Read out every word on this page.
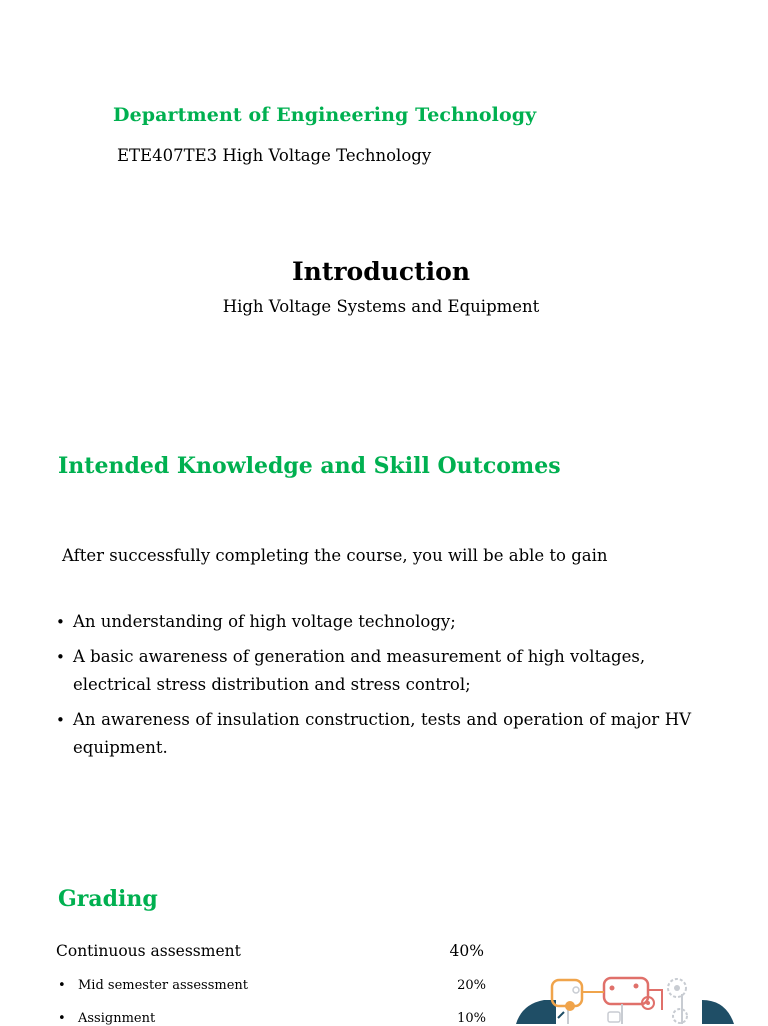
Department of Engineering Technology
ETE407TE3 High Voltage Technology
Introduction
High Voltage Systems and Equipment
Intended Knowledge and Skill Outcomes
After successfully completing the course, you will be able to gain
• An understanding of high voltage technology;
• A basic awareness of generation and measurement of high voltages, electrical stress distribution and stress control;
• An awareness of insulation construction, tests and operation of major HV equipment.
Grading
Continuous assessment	40%
• Mid semester assessment	20%
• Assignment	10%
